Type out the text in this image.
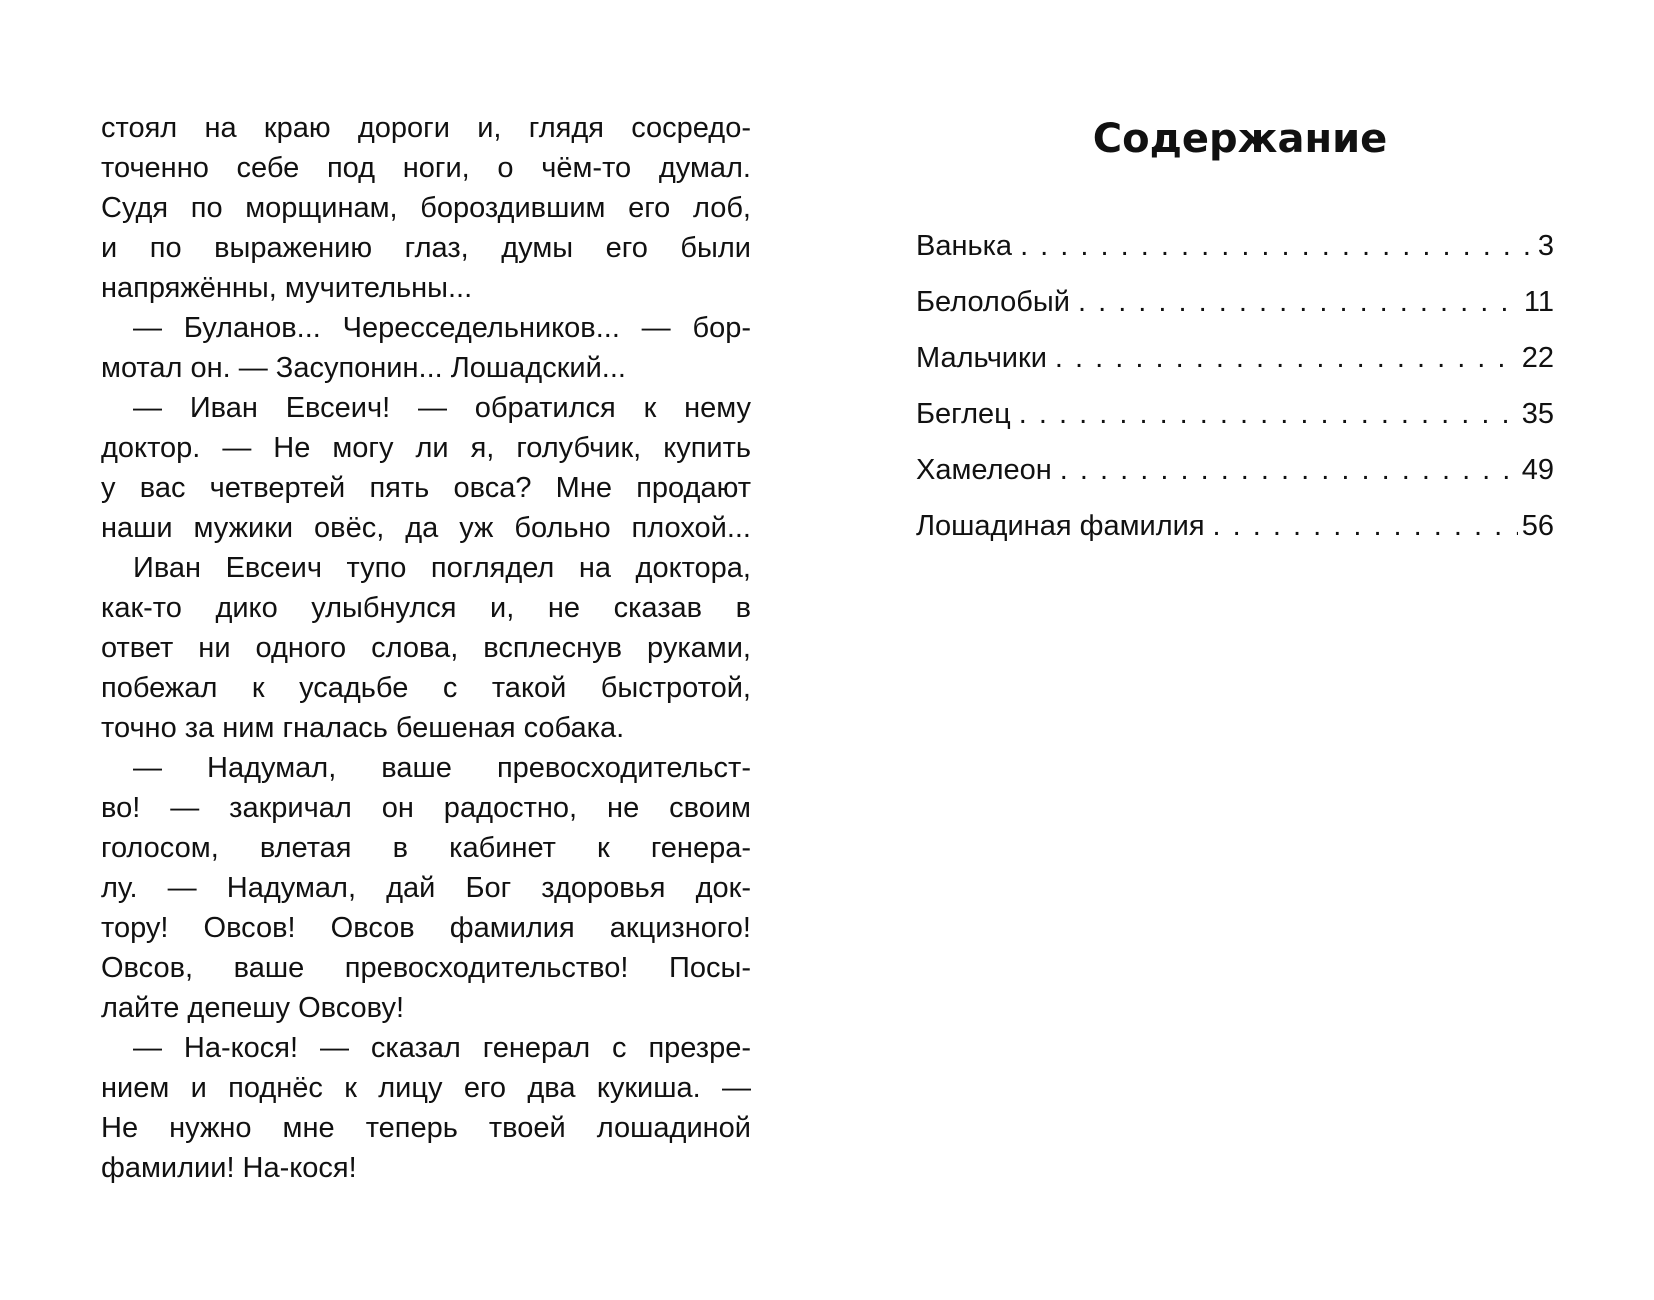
стоял на краю дороги и, глядя сосредо-
точенно себе под ноги, о чём-то думал.
Судя по морщинам, бороздившим его лоб,
и по выражению глаз, думы его были
напряжённы, мучительны...
— Буланов... Чересседельников... — бор-
мотал он. — Засупонин... Лошадский...
— Иван Евсеич! — обратился к нему
доктор. — Не могу ли я, голубчик, купить
у вас четвертей пять овса? Мне продают
наши мужики овёс, да уж больно плохой...
Иван Евсеич тупо поглядел на доктора,
как-то дико улыбнулся и, не сказав в
ответ ни одного слова, всплеснув руками,
побежал к усадьбе с такой быстротой,
точно за ним гналась бешеная собака.
— Надумал, ваше превосходительст-
во! — закричал он радостно, не своим
голосом, влетая в кабинет к генера-
лу. — Надумал, дай Бог здоровья док-
тору! Овсов! Овсов фамилия акцизного!
Овсов, ваше превосходительство! Посы-
лайте депешу Овсову!
— На-кося! — сказал генерал с презре-
нием и поднёс к лицу его два кукиша. —
Не нужно мне теперь твоей лошадиной
фамилии! На-кося!
Содержание
Ванька . . .	3
Белолобый . . .	11
Мальчики . . .	22
Беглец . . .	35
Хамелеон . . .	49
Лошадиная фамилия . . .	56
